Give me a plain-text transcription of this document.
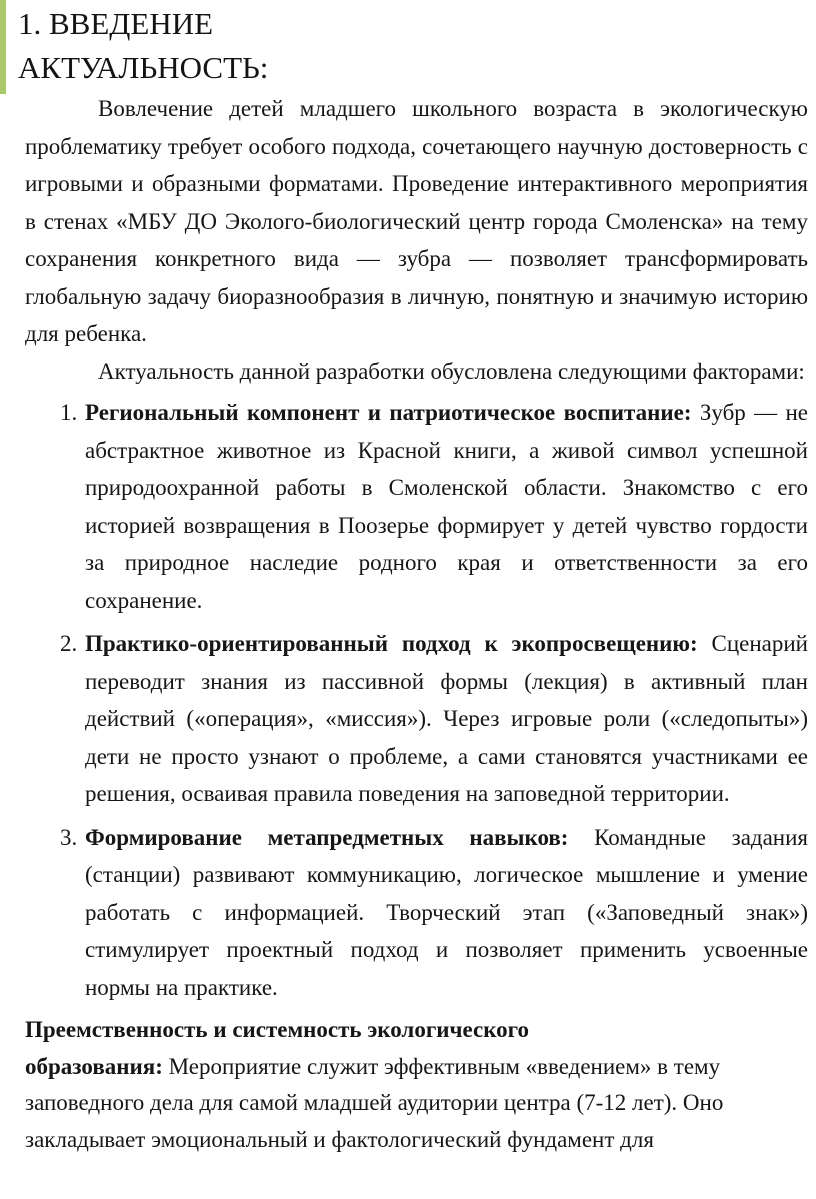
1. ВВЕДЕНИЕ
АКТУАЛЬНОСТЬ:

Вовлечение детей младшего школьного возраста в экологическую проблематику требует особого подхода, сочетающего научную достоверность с игровыми и образными форматами. Проведение интерактивного мероприятия в стенах «МБУ ДО Эколого-биологический центр города Смоленска» на тему сохранения конкретного вида — зубра — позволяет трансформировать глобальную задачу биоразнообразия в личную, понятную и значимую историю для ребенка.

Актуальность данной разработки обусловлена следующими факторами:

1. Региональный компонент и патриотическое воспитание: Зубр — не абстрактное животное из Красной книги, а живой символ успешной природоохранной работы в Смоленской области. Знакомство с его историей возвращения в Поозерье формирует у детей чувство гордости за природное наследие родного края и ответственности за его сохранение.
2. Практико-ориентированный подход к экопросвещению: Сценарий переводит знания из пассивной формы (лекция) в активный план действий («операция», «миссия»). Через игровые роли («следопыты») дети не просто узнают о проблеме, а сами становятся участниками ее решения, осваивая правила поведения на заповедной территории.
3. Формирование метапредметных навыков: Командные задания (станции) развивают коммуникацию, логическое мышление и умение работать с информацией. Творческий этап («Заповедный знак») стимулирует проектный подход и позволяет применить усвоенные нормы на практике.

Преемственность и системность экологического
образования: Мероприятие служит эффективным «введением» в тему заповедного дела для самой младшей аудитории центра (7-12 лет). Оно закладывает эмоциональный и фактологический фундамент для
